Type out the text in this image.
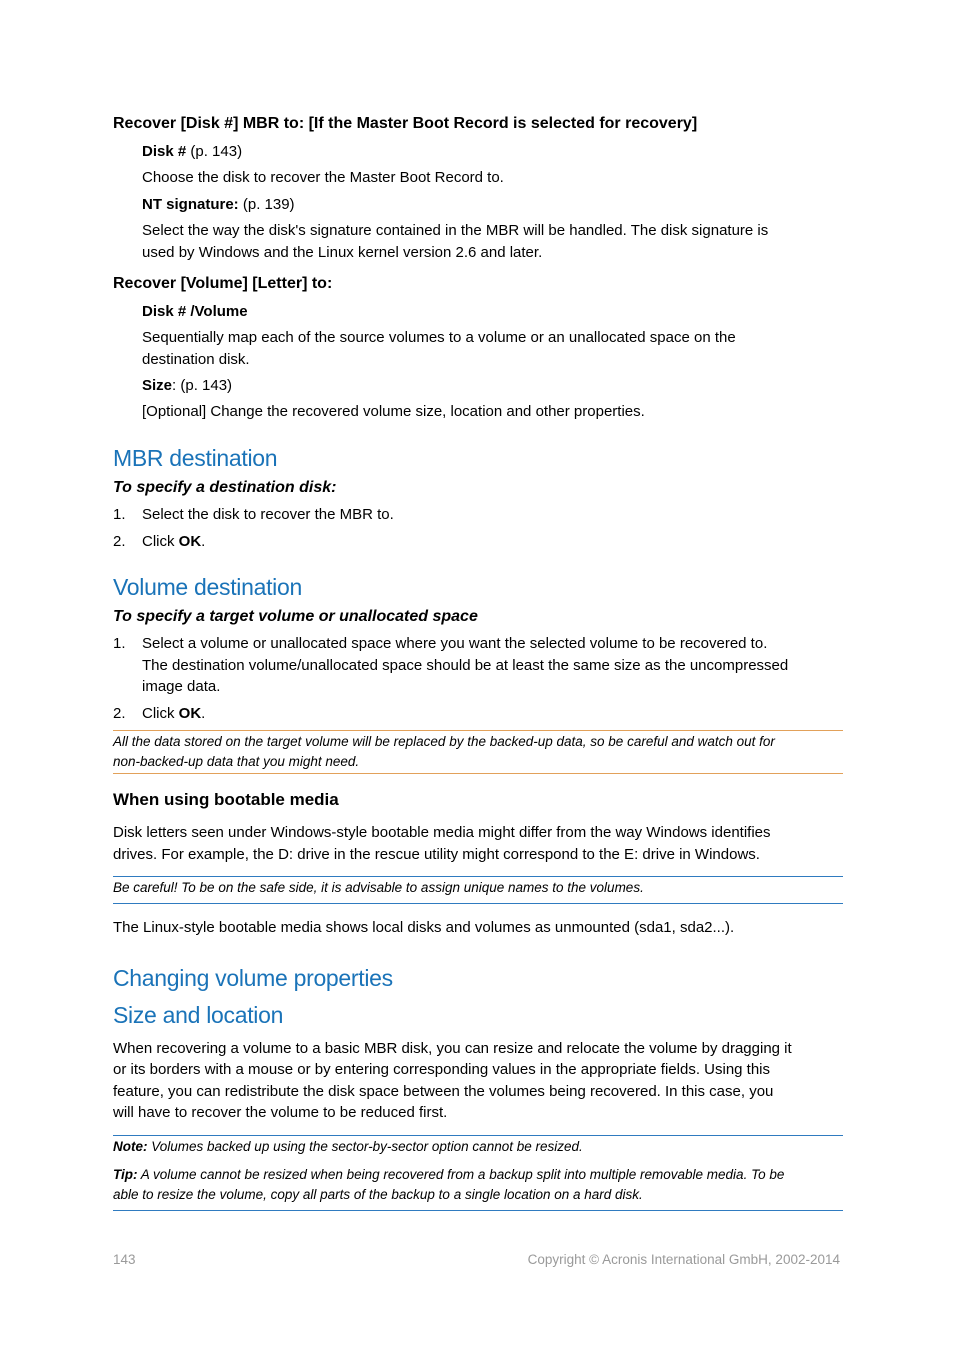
Recover [Disk #] MBR to: [If the Master Boot Record is selected for recovery]
Disk # (p. 143)
Choose the disk to recover the Master Boot Record to.
NT signature: (p. 139)
Select the way the disk's signature contained in the MBR will be handled. The disk signature is
used by Windows and the Linux kernel version 2.6 and later.
Recover [Volume] [Letter] to:
Disk # /Volume
Sequentially map each of the source volumes to a volume or an unallocated space on the
destination disk.
Size: (p. 143)
[Optional] Change the recovered volume size, location and other properties.
MBR destination
To specify a destination disk:
1. Select the disk to recover the MBR to.
2. Click OK.
Volume destination
To specify a target volume or unallocated space
1. Select a volume or unallocated space where you want the selected volume to be recovered to.
The destination volume/unallocated space should be at least the same size as the uncompressed
image data.
2. Click OK.
All the data stored on the target volume will be replaced by the backed-up data, so be careful and watch out for
non-backed-up data that you might need.
When using bootable media
Disk letters seen under Windows-style bootable media might differ from the way Windows identifies
drives. For example, the D: drive in the rescue utility might correspond to the E: drive in Windows.
Be careful! To be on the safe side, it is advisable to assign unique names to the volumes.
The Linux-style bootable media shows local disks and volumes as unmounted (sda1, sda2...).
Changing volume properties
Size and location
When recovering a volume to a basic MBR disk, you can resize and relocate the volume by dragging it
or its borders with a mouse or by entering corresponding values in the appropriate fields. Using this
feature, you can redistribute the disk space between the volumes being recovered. In this case, you
will have to recover the volume to be reduced first.
Note: Volumes backed up using the sector-by-sector option cannot be resized.
Tip: A volume cannot be resized when being recovered from a backup split into multiple removable media. To be
able to resize the volume, copy all parts of the backup to a single location on a hard disk.
143	Copyright © Acronis International GmbH, 2002-2014
